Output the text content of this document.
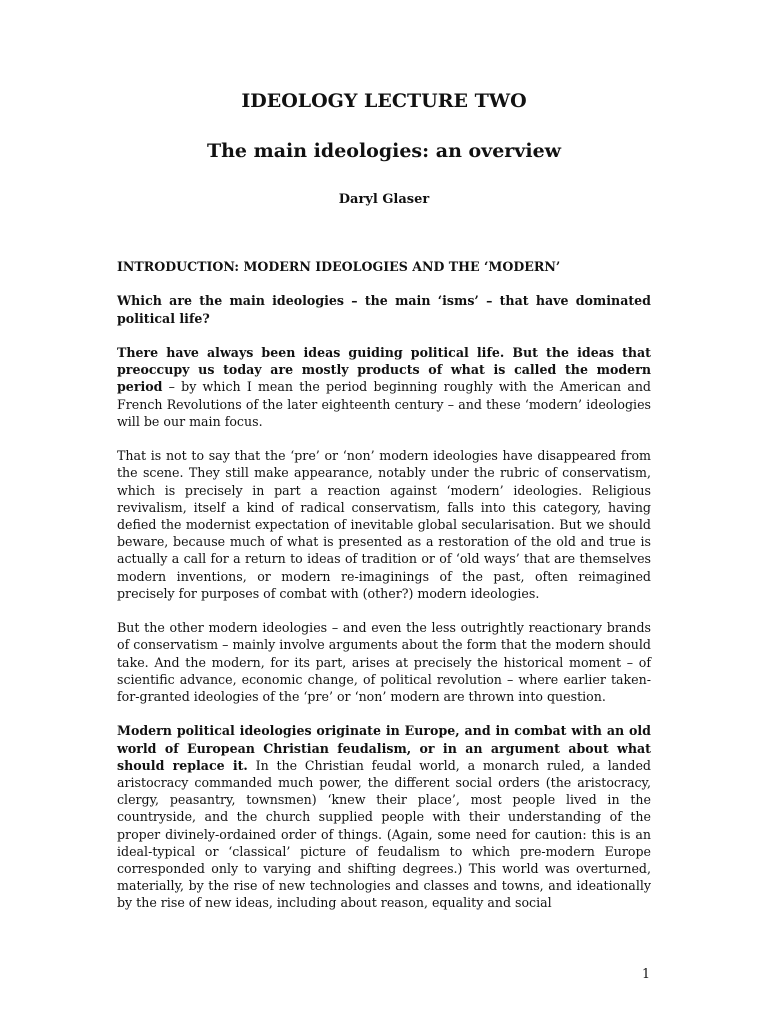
IDEOLOGY LECTURE TWO
The main ideologies: an overview
Daryl Glaser

INTRODUCTION: MODERN IDEOLOGIES AND THE ‘MODERN’

Which are the main ideologies – the main ‘isms’ – that have dominated political life?

There have always been ideas guiding political life. But the ideas that preoccupy us today are mostly products of what is called the modern period – by which I mean the period beginning roughly with the American and French Revolutions of the later eighteenth century – and these ‘modern’ ideologies will be our main focus.

That is not to say that the ‘pre’ or ‘non’ modern ideologies have disappeared from the scene. They still make appearance, notably under the rubric of conservatism, which is precisely in part a reaction against ‘modern’ ideologies. Religious revivalism, itself a kind of radical conservatism, falls into this category, having defied the modernist expectation of inevitable global secularisation. But we should beware, because much of what is presented as a restoration of the old and true is actually a call for a return to ideas of tradition or of ‘old ways’ that are themselves modern inventions, or modern re-imaginings of the past, often reimagined precisely for purposes of combat with (other?) modern ideologies.

But the other modern ideologies – and even the less outrightly reactionary brands of conservatism – mainly involve arguments about the form that the modern should take. And the modern, for its part, arises at precisely the historical moment – of scientific advance, economic change, of political revolution – where earlier taken-for-granted ideologies of the ‘pre’ or ‘non’ modern are thrown into question.

Modern political ideologies originate in Europe, and in combat with an old world of European Christian feudalism, or in an argument about what should replace it. In the Christian feudal world, a monarch ruled, a landed aristocracy commanded much power, the different social orders (the aristocracy, clergy, peasantry, townsmen) ‘knew their place’, most people lived in the countryside, and the church supplied people with their understanding of the proper divinely-ordained order of things. (Again, some need for caution: this is an ideal-typical or ‘classical’ picture of feudalism to which pre-modern Europe corresponded only to varying and shifting degrees.) This world was overturned, materially, by the rise of new technologies and classes and towns, and ideationally by the rise of new ideas, including about reason, equality and social

1
